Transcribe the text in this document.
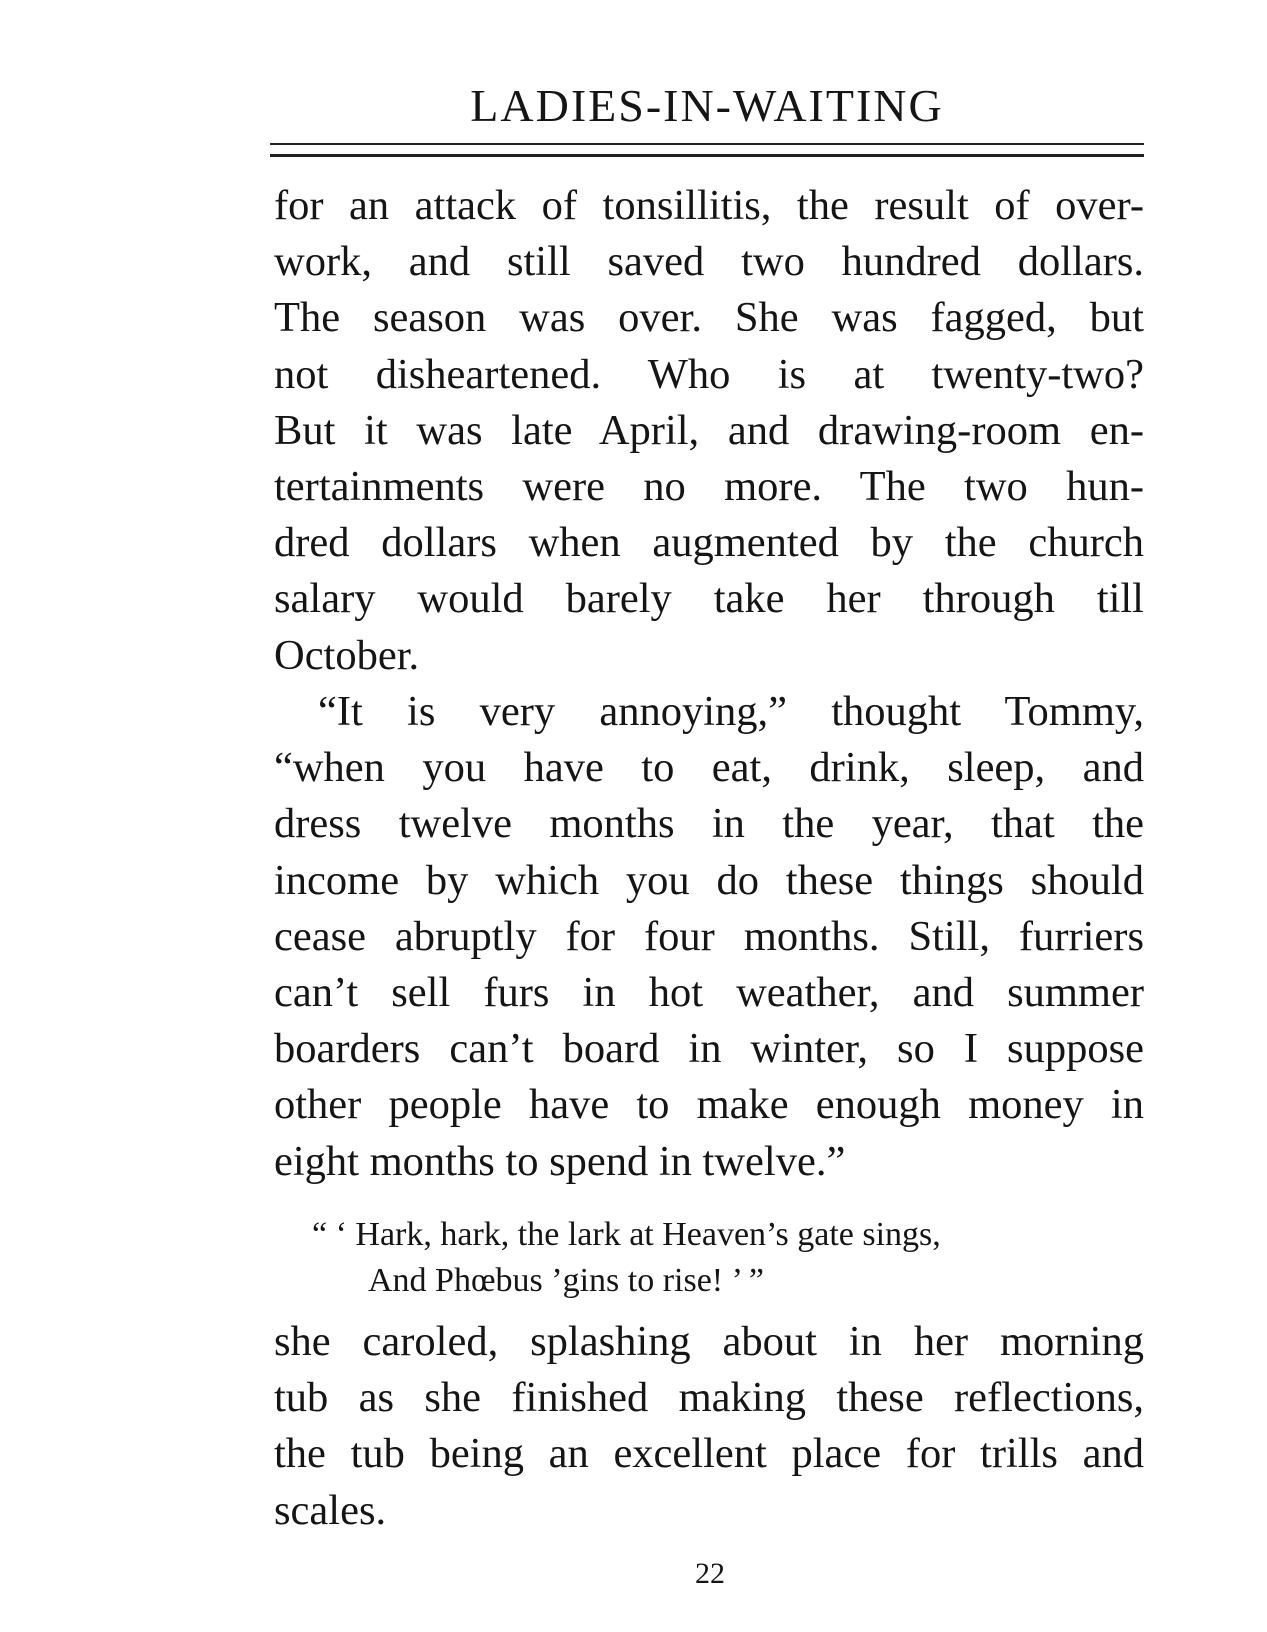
LADIES-IN-WAITING

for an attack of tonsillitis, the result of over-
work, and still saved two hundred dollars.
The season was over. She was fagged, but
not disheartened. Who is at twenty-two?
But it was late April, and drawing-room en-
tertainments were no more. The two hun-
dred dollars when augmented by the church
salary would barely take her through till
October.

“It is very annoying,” thought Tommy,
“when you have to eat, drink, sleep, and
dress twelve months in the year, that the
income by which you do these things should
cease abruptly for four months. Still, furriers
can’t sell furs in hot weather, and summer
boarders can’t board in winter, so I suppose
other people have to make enough money in
eight months to spend in twelve.”

“ ‘ Hark, hark, the lark at Heaven’s gate sings,
And Phœbus ’gins to rise! ’ ”

she caroled, splashing about in her morning
tub as she finished making these reflections,
the tub being an excellent place for trills and
scales.

22
